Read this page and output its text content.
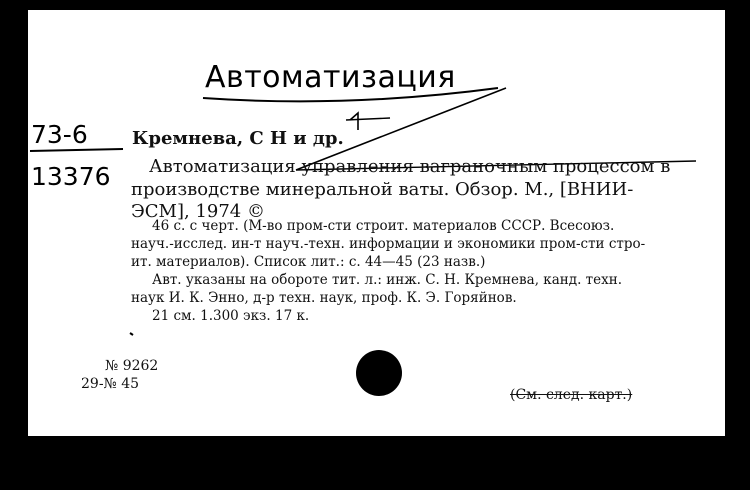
Автоматизация
73-6
13376
Кремнева, С Н и др.
Автоматизация управления ваграночным процессом в
производстве минеральной ваты. Обзор. М., [ВНИИ-
ЭСМ], 1974 ©
46 с. с черт. (М-во пром-сти строит. материалов СССР. Всесоюз.
науч.-исслед. ин-т науч.-техн. информации и экономики пром-сти стро-
ит. материалов). Список лит.: с. 44—45 (23 назв.)
Авт. указаны на обороте тит. л.: инж. С. Н. Кремнева, канд. техн.
наук И. К. Энно, д-р техн. наук, проф. К. Э. Горяйнов.
21 см. 1.300 экз. 17 к.
№ 9262
29-№ 45
(См. след. карт.)
